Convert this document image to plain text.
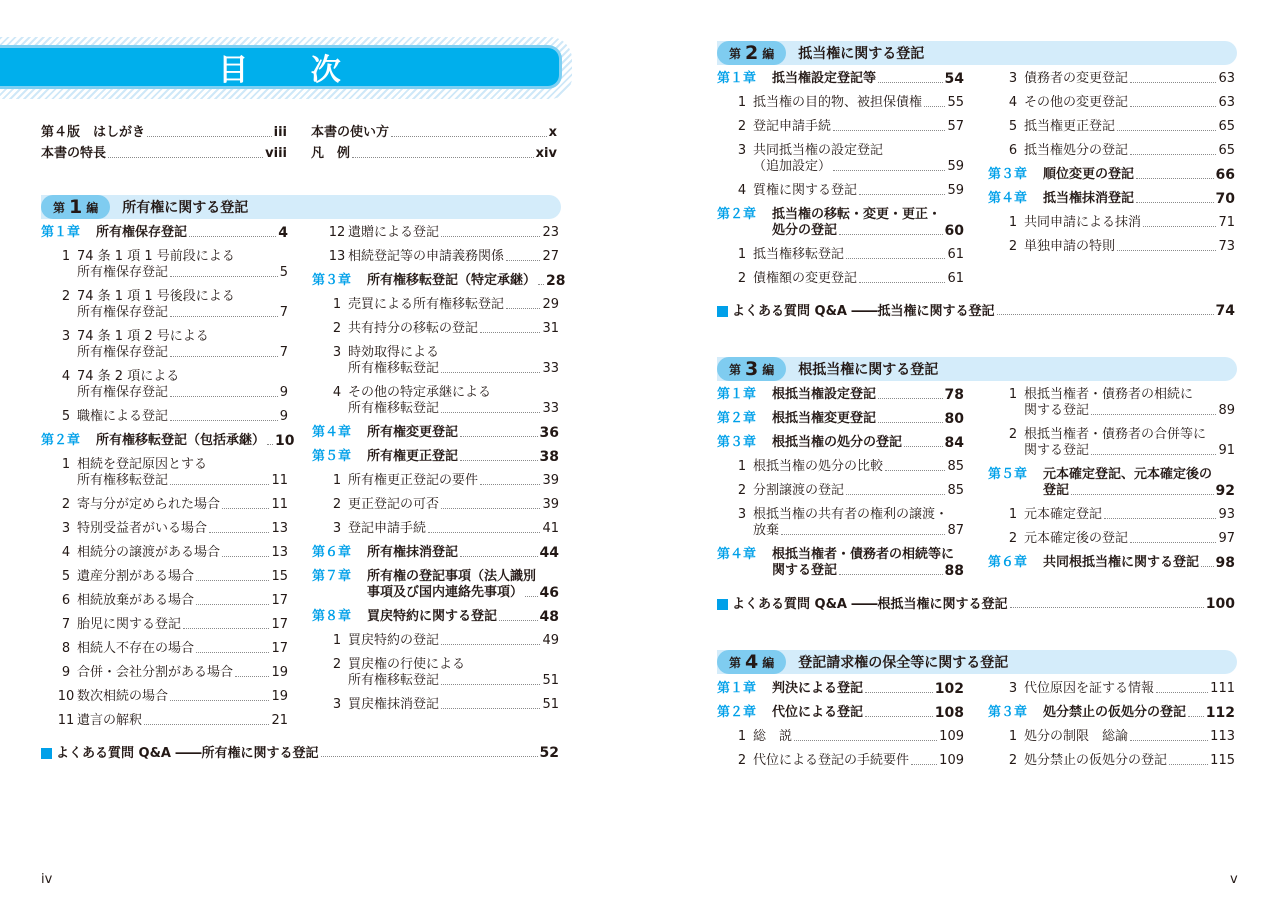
目 次
第４版　はしがき	iii 本書の使い方	x
本書の特長	viii 凡　例	xiv
第 1 編 所有権に関する登記
第１章	所有権保存登記	4
1 74 条 1 項 1 号前段による
所有権保存登記	5
2 74 条 1 項 1 号後段による
所有権保存登記	7
3 74 条 1 項 2 号による
所有権保存登記	7
4 74 条 2 項による
所有権保存登記	9
5 職権による登記	9
第２章	所有権移転登記（包括承継） 10
1 相続を登記原因とする
所有権移転登記	11
2 寄与分が定められた場合	11
3 特別受益者がいる場合	13
4 相続分の譲渡がある場合	13
5 遺産分割がある場合	15
6 相続放棄がある場合	17
7 胎児に関する登記	17
8 相続人不存在の場合	17
9 合併・会社分割がある場合	19
10 数次相続の場合	19
11 遺言の解釈	21
12 遺贈による登記	23
13 相続登記等の申請義務関係	27
第３章	所有権移転登記（特定承継） 28
1 売買による所有権移転登記	29
2 共有持分の移転の登記	31
3 時効取得による
所有権移転登記	33
4 その他の特定承継による
所有権移転登記	33
第４章	所有権変更登記	36
第５章	所有権更正登記	38
1 所有権更正登記の要件	39
2 更正登記の可否	39
3 登記申請手続	41
第６章	所有権抹消登記	44
第７章 所有権の登記事項（法人識別
事項及び国内連絡先事項） 46
第８章	買戻特約に関する登記	48
1 買戻特約の登記	49
2 買戻権の行使による
所有権移転登記	51
3 買戻権抹消登記	51
よくある質問 Q&A ――所有権に関する登記	52
iv
第 2 編 抵当権に関する登記
第１章	抵当権設定登記等	54
1 抵当権の目的物、被担保債権 55
2 登記申請手続	57
3 共同抵当権の設定登記
（追加設定）	59
4 質権に関する登記	59
第２章 抵当権の移転・変更・更正・
処分の登記	60
1 抵当権移転登記	61
2 債権額の変更登記	61
3 債務者の変更登記	63
4 その他の変更登記	63
5 抵当権更正登記	65
6 抵当権処分の登記	65
第３章	順位変更の登記	66
第４章	抵当権抹消登記	70
1 共同申請による抹消	71
2 単独申請の特則	73
よくある質問 Q&A ――抵当権に関する登記	74
第 3 編 根抵当権に関する登記
第１章	根抵当権設定登記	78
第２章	根抵当権変更登記	80
第３章	根抵当権の処分の登記	84
1 根抵当権の処分の比較	85
2 分割譲渡の登記	85
3 根抵当権の共有者の権利の譲渡・
放棄	87
第４章 根抵当権者・債務者の相続等に
関する登記	88
1 根抵当権者・債務者の相続に
関する登記	89
2 根抵当権者・債務者の合併等に
関する登記	91
第５章 元本確定登記、元本確定後の
登記	92
1 元本確定登記	93
2 元本確定後の登記	97
第６章	共同根抵当権に関する登記 98
よくある質問 Q&A ――根抵当権に関する登記	100
第 4 編 登記請求権の保全等に関する登記
第１章	判決による登記	102
第２章	代位による登記	108
1 総　説	109
2 代位による登記の手続要件 109
3 代位原因を証する情報	111
第３章	処分禁止の仮処分の登記 112
1 処分の制限　総論	113
2 処分禁止の仮処分の登記	115
v
